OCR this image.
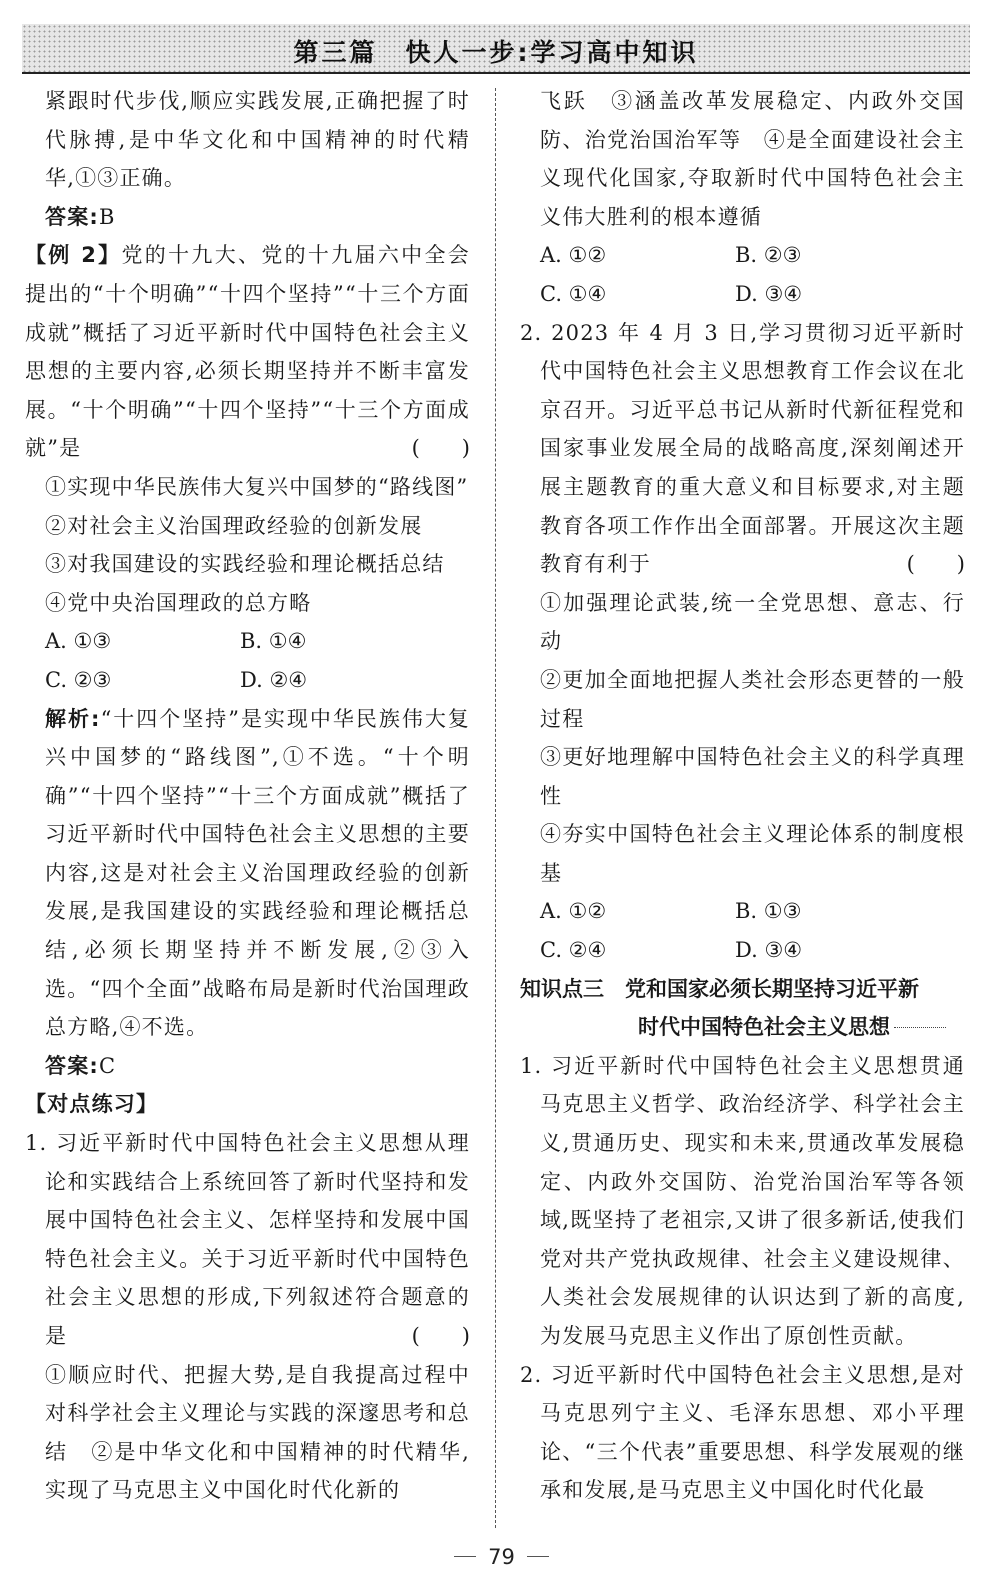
第三篇　快人一步:学习高中知识

紧跟时代步伐,顺应实践发展,正确把握了时代脉搏,是中华文化和中国精神的时代精华,①③正确。

答案:B

【例 2】党的十九大、党的十九届六中全会提出的“十个明确”“十四个坚持”“十三个方面成就”概括了习近平新时代中国特色社会主义思想的主要内容,必须长期坚持并不断丰富发展。“十个明确”“十四个坚持”“十三个方面成就”是	(　　)

①实现中华民族伟大复兴中国梦的“路线图”

②对社会主义治国理政经验的创新发展

③对我国建设的实践经验和理论概括总结

④党中央治国理政的总方略

A. ①③	B. ①④
C. ②③	D. ②④

解析:“十四个坚持”是实现中华民族伟大复兴中国梦的“路线图”,①不选。“十个明确”“十四个坚持”“十三个方面成就”概括了习近平新时代中国特色社会主义思想的主要内容,这是对社会主义治国理政经验的创新发展,是我国建设的实践经验和理论概括总结,必须长期坚持并不断发展,②③入选。“四个全面”战略布局是新时代治国理政总方略,④不选。

答案:C

【对点练习】

1. 习近平新时代中国特色社会主义思想从理论和实践结合上系统回答了新时代坚持和发展中国特色社会主义、怎样坚持和发展中国特色社会主义。关于习近平新时代中国特色社会主义思想的形成,下列叙述符合题意的是	(　　)

①顺应时代、把握大势,是自我提高过程中对科学社会主义理论与实践的深邃思考和总结　②是中华文化和中国精神的时代精华,实现了马克思主义中国化时代化新的

飞跃　③涵盖改革发展稳定、内政外交国防、治党治国治军等　④是全面建设社会主义现代化国家,夺取新时代中国特色社会主义伟大胜利的根本遵循

A. ①②	B. ②③
C. ①④	D. ③④

2. 2023 年 4 月 3 日,学习贯彻习近平新时代中国特色社会主义思想教育工作会议在北京召开。习近平总书记从新时代新征程党和国家事业发展全局的战略高度,深刻阐述开展主题教育的重大意义和目标要求,对主题教育各项工作作出全面部署。开展这次主题教育有利于	(　　)

①加强理论武装,统一全党思想、意志、行动

②更加全面地把握人类社会形态更替的一般过程

③更好地理解中国特色社会主义的科学真理性

④夯实中国特色社会主义理论体系的制度根基

A. ①②	B. ①③
C. ②④	D. ③④

知识点三　党和国家必须长期坚持习近平新

时代中国特色社会主义思想

1. 习近平新时代中国特色社会主义思想贯通马克思主义哲学、政治经济学、科学社会主义,贯通历史、现实和未来,贯通改革发展稳定、内政外交国防、治党治国治军等各领域,既坚持了老祖宗,又讲了很多新话,使我们党对共产党执政规律、社会主义建设规律、人类社会发展规律的认识达到了新的高度,为发展马克思主义作出了原创性贡献。

2. 习近平新时代中国特色社会主义思想,是对马克思列宁主义、毛泽东思想、邓小平理论、“三个代表”重要思想、科学发展观的继承和发展,是马克思主义中国化时代化最

79
